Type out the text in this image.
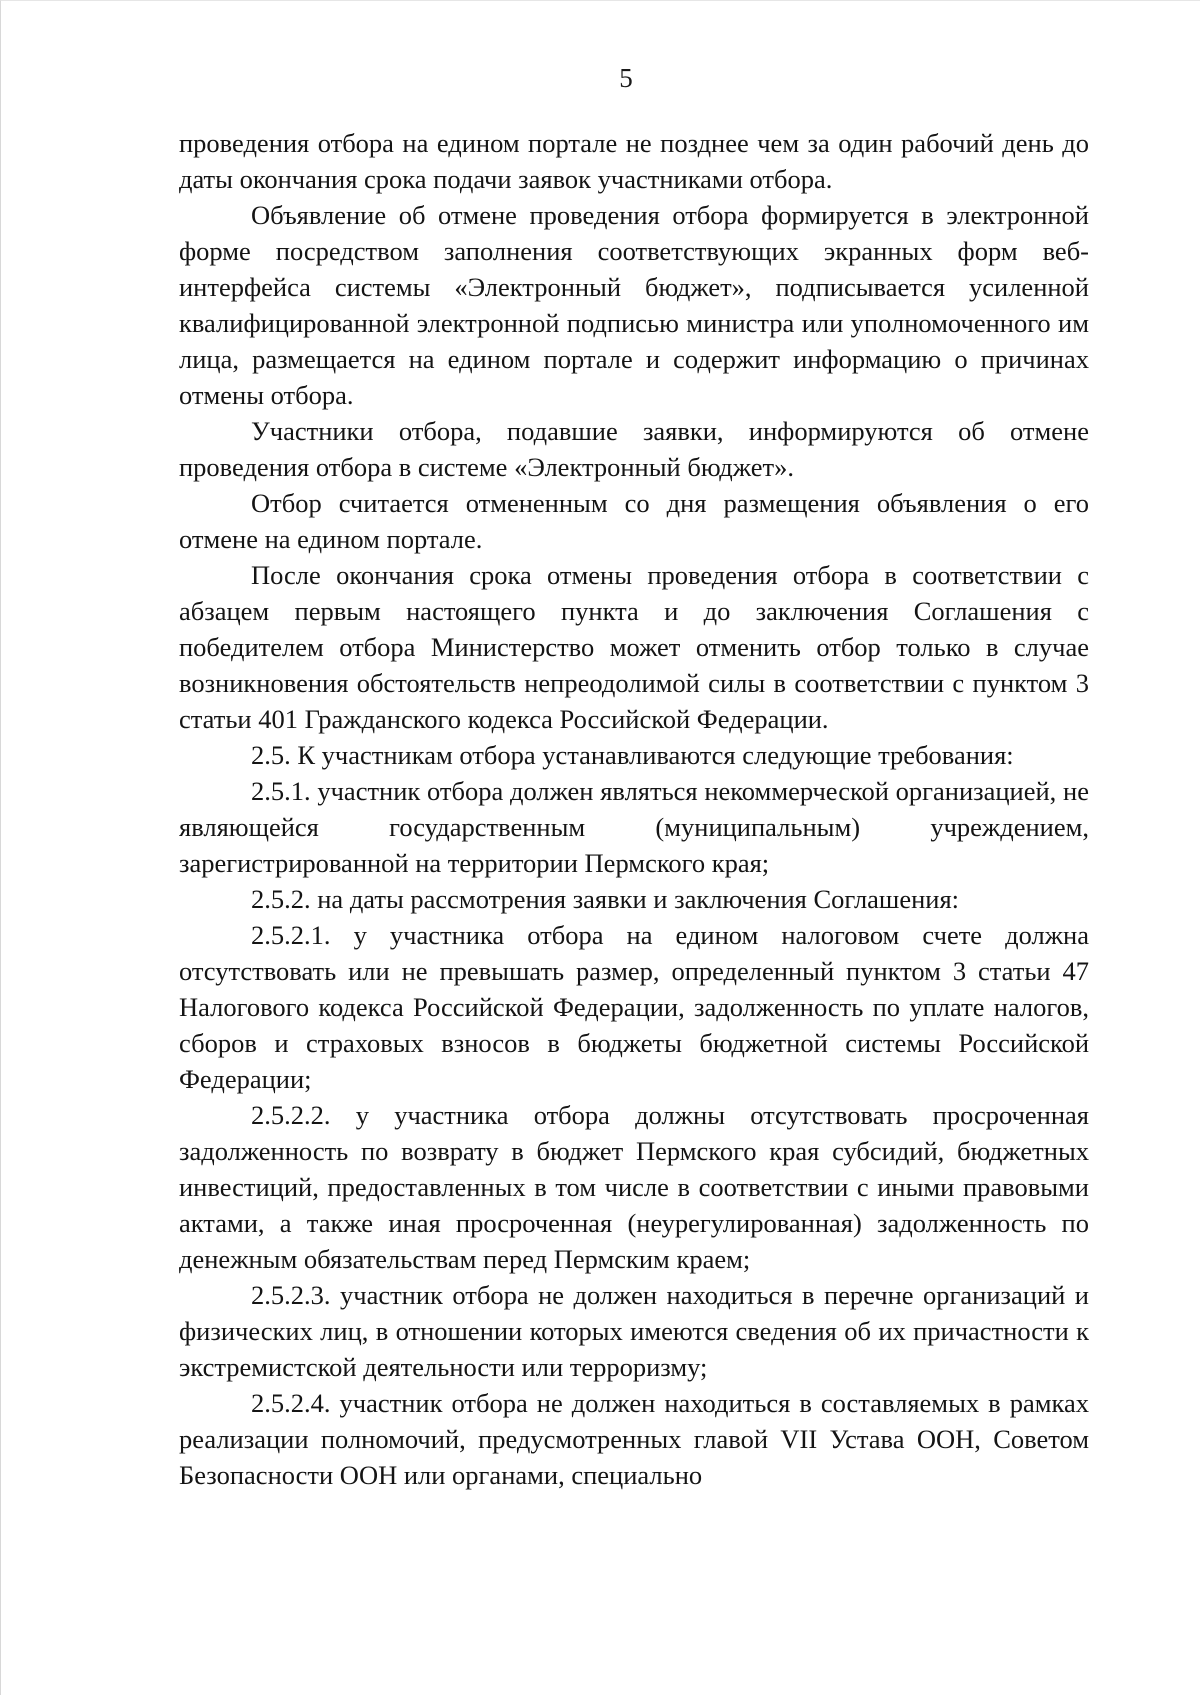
5

проведения отбора на едином портале не позднее чем за один рабочий день до даты окончания срока подачи заявок участниками отбора.

Объявление об отмене проведения отбора формируется в электронной форме посредством заполнения соответствующих экранных форм веб-интерфейса системы «Электронный бюджет», подписывается усиленной квалифицированной электронной подписью министра или уполномоченного им лица, размещается на едином портале и содержит информацию о причинах отмены отбора.

Участники отбора, подавшие заявки, информируются об отмене проведения отбора в системе «Электронный бюджет».

Отбор считается отмененным со дня размещения объявления о его отмене на едином портале.

После окончания срока отмены проведения отбора в соответствии с абзацем первым настоящего пункта и до заключения Соглашения с победителем отбора Министерство может отменить отбор только в случае возникновения обстоятельств непреодолимой силы в соответствии с пунктом 3 статьи 401 Гражданского кодекса Российской Федерации.

2.5. К участникам отбора устанавливаются следующие требования:

2.5.1. участник отбора должен являться некоммерческой организацией, не являющейся государственным (муниципальным) учреждением, зарегистрированной на территории Пермского края;

2.5.2. на даты рассмотрения заявки и заключения Соглашения:

2.5.2.1. у участника отбора на едином налоговом счете должна отсутствовать или не превышать размер, определенный пунктом 3 статьи 47 Налогового кодекса Российской Федерации, задолженность по уплате налогов, сборов и страховых взносов в бюджеты бюджетной системы Российской Федерации;

2.5.2.2. у участника отбора должны отсутствовать просроченная задолженность по возврату в бюджет Пермского края субсидий, бюджетных инвестиций, предоставленных в том числе в соответствии с иными правовыми актами, а также иная просроченная (неурегулированная) задолженность по денежным обязательствам перед Пермским краем;

2.5.2.3. участник отбора не должен находиться в перечне организаций и физических лиц, в отношении которых имеются сведения об их причастности к экстремистской деятельности или терроризму;

2.5.2.4. участник отбора не должен находиться в составляемых в рамках реализации полномочий, предусмотренных главой VII Устава ООН, Советом Безопасности ООН или органами, специально
